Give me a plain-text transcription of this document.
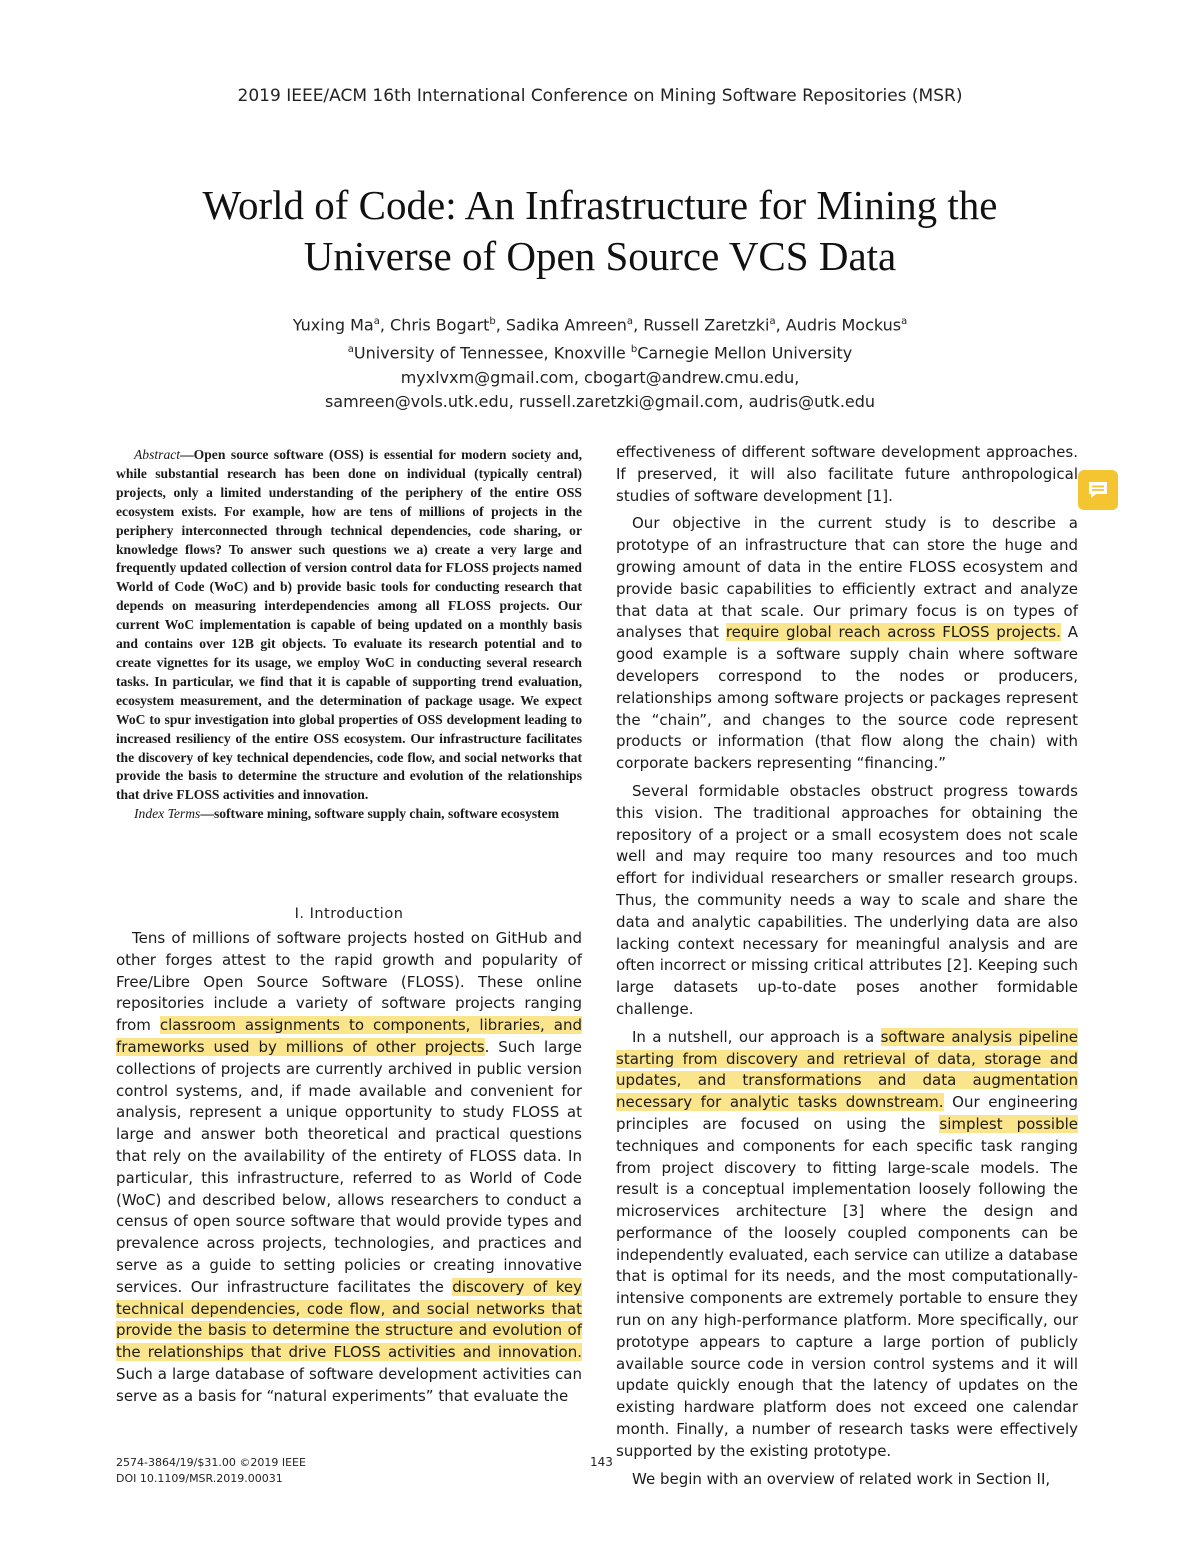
2019 IEEE/ACM 16th International Conference on Mining Software Repositories (MSR)
World of Code: An Infrastructure for Mining the
Universe of Open Source VCS Data
Yuxing Ma$^a$, Chris Bogart$^b$, Sadika Amreen$^a$, Russell Zaretzki$^a$, Audris Mockus$^a$
$^a$University of Tennessee, Knoxville $^b$Carnegie Mellon University
myxlvxm@gmail.com, cbogart@andrew.cmu.edu,
samreen@vols.utk.edu, russell.zaretzki@gmail.com, audris@utk.edu

Abstract—Open source software (OSS) is essential for modern society and, while substantial research has been done on individual (typically central) projects, only a limited understanding of the periphery of the entire OSS ecosystem exists. For example, how are tens of millions of projects in the periphery interconnected through technical dependencies, code sharing, or knowledge flows? To answer such questions we a) create a very large and frequently updated collection of version control data for FLOSS projects named World of Code (WoC) and b) provide basic tools for conducting research that depends on measuring interdependencies among all FLOSS projects. Our current WoC implementation is capable of being updated on a monthly basis and contains over 12B git objects. To evaluate its research potential and to create vignettes for its usage, we employ WoC in conducting several research tasks. In particular, we find that it is capable of supporting trend evaluation, ecosystem measurement, and the determination of package usage. We expect WoC to spur investigation into global properties of OSS development leading to increased resiliency of the entire OSS ecosystem. Our infrastructure facilitates the discovery of key technical dependencies, code flow, and social networks that provide the basis to determine the structure and evolution of the relationships that drive FLOSS activities and innovation.

Index Terms—software mining, software supply chain, software ecosystem

I. Introduction

Tens of millions of software projects hosted on GitHub and other forges attest to the rapid growth and popularity of Free/Libre Open Source Software (FLOSS). These online repositories include a variety of software projects ranging from classroom assignments to components, libraries, and frameworks used by millions of other projects. Such large collections of projects are currently archived in public version control systems, and, if made available and convenient for analysis, represent a unique opportunity to study FLOSS at large and answer both theoretical and practical questions that rely on the availability of the entirety of FLOSS data. In particular, this infrastructure, referred to as World of Code (WoC) and described below, allows researchers to conduct a census of open source software that would provide types and prevalence across projects, technologies, and practices and serve as a guide to setting policies or creating innovative services. Our infrastructure facilitates the discovery of key technical dependencies, code flow, and social networks that provide the basis to determine the structure and evolution of the relationships that drive FLOSS activities and innovation. Such a large database of software development activities can serve as a basis for “natural experiments” that evaluate the

effectiveness of different software development approaches. If preserved, it will also facilitate future anthropological studies of software development [1].

Our objective in the current study is to describe a prototype of an infrastructure that can store the huge and growing amount of data in the entire FLOSS ecosystem and provide basic capabilities to efficiently extract and analyze that data at that scale. Our primary focus is on types of analyses that require global reach across FLOSS projects. A good example is a software supply chain where software developers correspond to the nodes or producers, relationships among software projects or packages represent the “chain”, and changes to the source code represent products or information (that flow along the chain) with corporate backers representing “financing.”

Several formidable obstacles obstruct progress towards this vision. The traditional approaches for obtaining the repository of a project or a small ecosystem does not scale well and may require too many resources and too much effort for individual researchers or smaller research groups. Thus, the community needs a way to scale and share the data and analytic capabilities. The underlying data are also lacking context necessary for meaningful analysis and are often incorrect or missing critical attributes [2]. Keeping such large datasets up-to-date poses another formidable challenge.

In a nutshell, our approach is a software analysis pipeline starting from discovery and retrieval of data, storage and updates, and transformations and data augmentation necessary for analytic tasks downstream. Our engineering principles are focused on using the simplest possible techniques and components for each specific task ranging from project discovery to fitting large-scale models. The result is a conceptual implementation loosely following the microservices architecture [3] where the design and performance of the loosely coupled components can be independently evaluated, each service can utilize a database that is optimal for its needs, and the most computationally-intensive components are extremely portable to ensure they run on any high-performance platform. More specifically, our prototype appears to capture a large portion of publicly available source code in version control systems and it will update quickly enough that the latency of updates on the existing hardware platform does not exceed one calendar month. Finally, a number of research tasks were effectively supported by the existing prototype.

We begin with an overview of related work in Section II,

2574-3864/19/$31.00 ©2019 IEEE
DOI 10.1109/MSR.2019.00031
143
